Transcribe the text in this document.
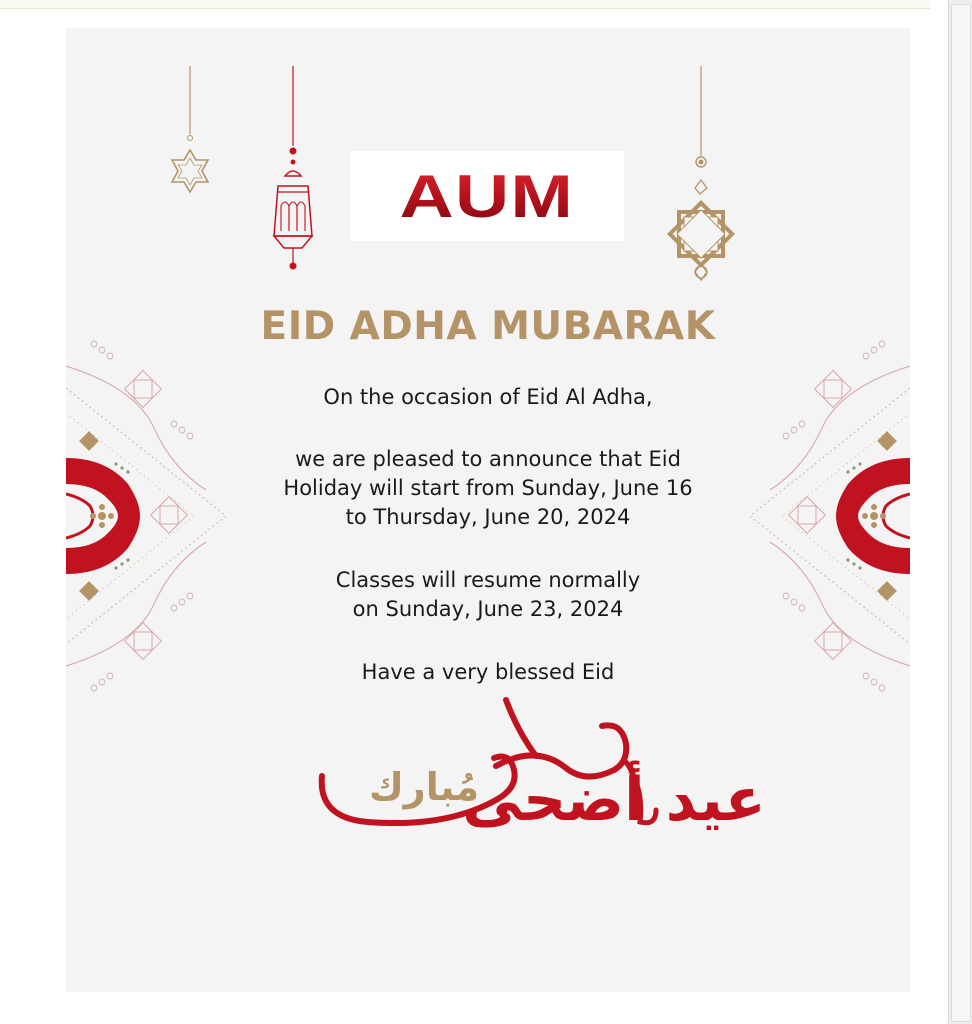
عيد أضحى
مُبارك
AUM
EID ADHA MUBARAK
On the occasion of Eid Al Adha,
we are pleased to announce that Eid
Holiday will start from Sunday, June 16
to Thursday, June 20, 2024
Classes will resume normally
on Sunday, June 23, 2024
Have a very blessed Eid
